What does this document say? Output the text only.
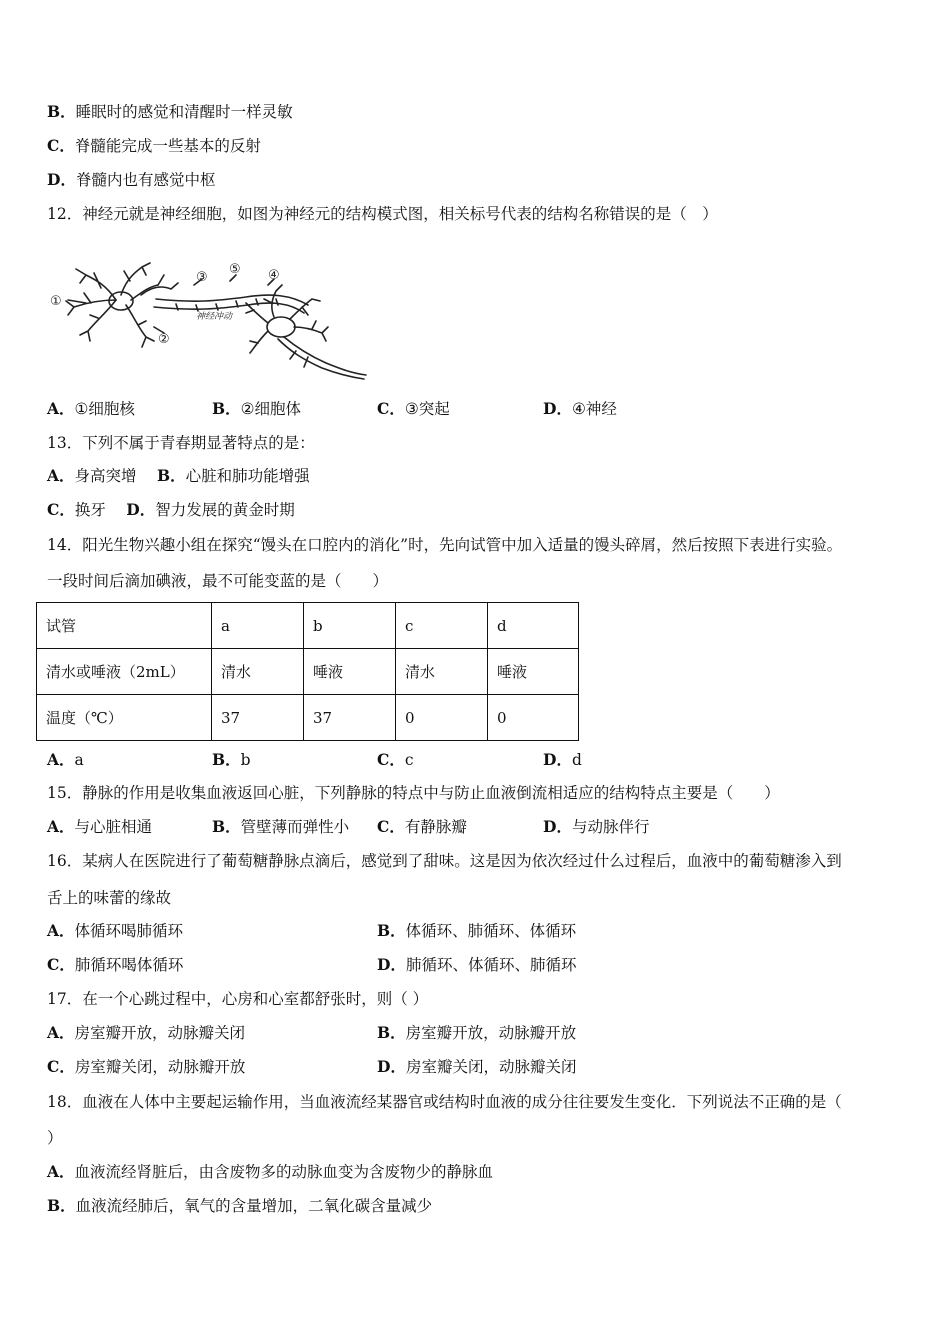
B．睡眠时的感觉和清醒时一样灵敏
C．脊髓能完成一些基本的反射
D．脊髓内也有感觉中枢
12．神经元就是神经细胞，如图为神经元的结构模式图，相关标号代表的结构名称错误的是（　）
①
②
③
⑤ ④
神经冲动
A．①细胞核	B．②细胞体	C．③突起	D．④神经
13．下列不属于青春期显著特点的是：
A．身高突增　 B．心脏和肺功能增强
C．换牙　 D．智力发展的黄金时期
14．阳光生物兴趣小组在探究“馒头在口腔内的消化”时，先向试管中加入适量的馒头碎屑，然后按照下表进行实验。
一段时间后滴加碘液，最不可能变蓝的是（　　）
试管	a	b	c	d
清水或唾液（2mL）	清水	唾液	清水	唾液
温度（℃）	37	37	0	0
A．a	B．b	C．c	D．d
15．静脉的作用是收集血液返回心脏，下列静脉的特点中与防止血液倒流相适应的结构特点主要是（　　）
A．与心脏相通	B．管壁薄而弹性小 C．有静脉瓣	D．与动脉伴行
16．某病人在医院进行了葡萄糖静脉点滴后，感觉到了甜味。这是因为依次经过什么过程后，血液中的葡萄糖渗入到
舌上的味蕾的缘故
A．体循环喝肺循环	B．体循环、肺循环、体循环
C．肺循环喝体循环	D．肺循环、体循环、肺循环
17．在一个心跳过程中，心房和心室都舒张时，则（ ）
A．房室瓣开放，动脉瓣关闭	B．房室瓣开放，动脉瓣开放
C．房室瓣关闭，动脉瓣开放	D．房室瓣关闭，动脉瓣关闭
18．血液在人体中主要起运输作用，当血液流经某器官或结构时血液的成分往往要发生变化．下列说法不正确的是（
）
A．血液流经肾脏后，由含废物多的动脉血变为含废物少的静脉血
B．血液流经肺后，氧气的含量增加，二氧化碳含量减少
